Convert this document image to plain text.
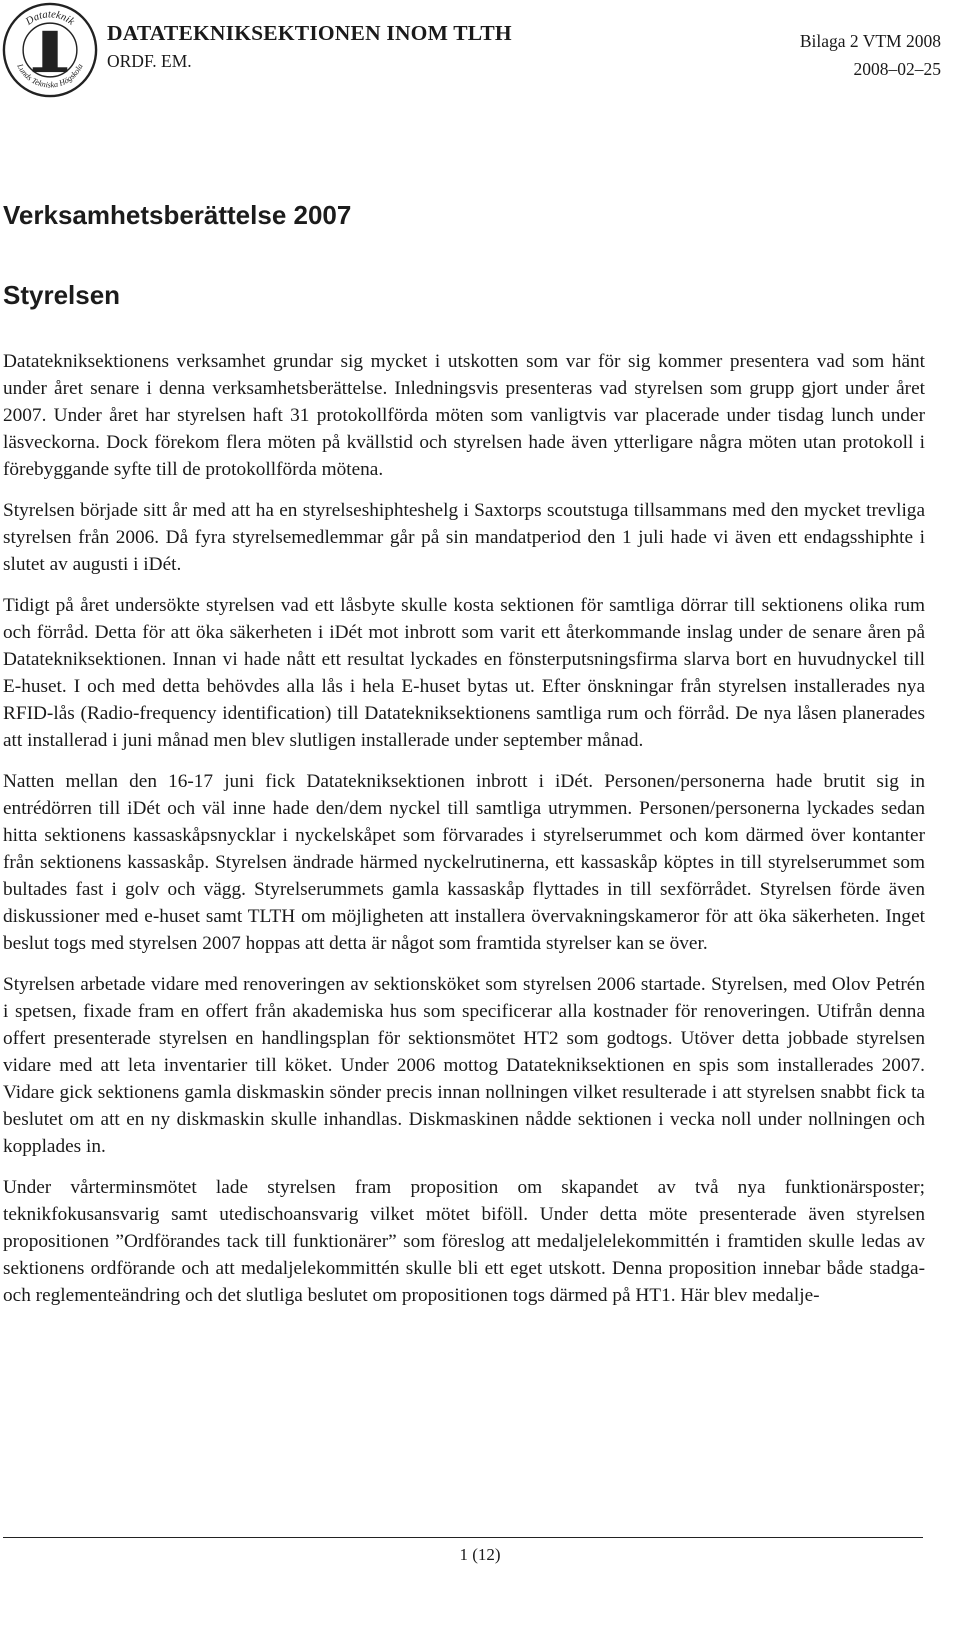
Datateknik
Lunds Tekniska Högskola
DATATEKNIKSEKTIONEN INOM TLTH
ORDF. EM.
Bilaga 2 VTM 2008
2008–02–25
Verksamhetsberättelse 2007
Styrelsen

Datatekniksektionens verksamhet grundar sig mycket i utskotten som var för sig kommer presentera vad som hänt under året senare i denna verksamhetsberättelse. Inledningsvis presenteras vad styrelsen som grupp gjort under året 2007. Under året har styrelsen haft 31 protokollförda möten som vanligtvis var placerade under tisdag lunch under läsveckorna. Dock förekom flera möten på kvällstid och styrelsen hade även ytterligare några möten utan protokoll i förebyggande syfte till de protokollförda mötena.

Styrelsen började sitt år med att ha en styrelseshiphteshelg i Saxtorps scoutstuga tillsammans med den mycket trevliga styrelsen från 2006. Då fyra styrelsemedlemmar går på sin mandatperiod den 1 juli hade vi även ett endagsshiphte i slutet av augusti i iDét.

Tidigt på året undersökte styrelsen vad ett låsbyte skulle kosta sektionen för samtliga dörrar till sektionens olika rum och förråd. Detta för att öka säkerheten i iDét mot inbrott som varit ett återkommande inslag under de senare åren på Datatekniksektionen. Innan vi hade nått ett resultat lyckades en fönsterputsningsfirma slarva bort en huvudnyckel till E-huset. I och med detta behövdes alla lås i hela E-huset bytas ut. Efter önskningar från styrelsen installerades nya RFID-lås (Radio-frequency identification) till Datatekniksektionens samtliga rum och förråd. De nya låsen planerades att installerad i juni månad men blev slutligen installerade under september månad.

Natten mellan den 16-17 juni fick Datatekniksektionen inbrott i iDét. Personen/personerna hade brutit sig in entrédörren till iDét och väl inne hade den/dem nyckel till samtliga utrymmen. Personen/personerna lyckades sedan hitta sektionens kassaskåpsnycklar i nyckelskåpet som förvarades i styrelserummet och kom därmed över kontanter från sektionens kassaskåp. Styrelsen ändrade härmed nyckelrutinerna, ett kassaskåp köptes in till styrelserummet som bultades fast i golv och vägg. Styrelserummets gamla kassaskåp flyttades in till sexförrådet. Styrelsen förde även diskussioner med e-huset samt TLTH om möjligheten att installera övervakningskameror för att öka säkerheten. Inget beslut togs med styrelsen 2007 hoppas att detta är något som framtida styrelser kan se över.

Styrelsen arbetade vidare med renoveringen av sektionsköket som styrelsen 2006 startade. Styrelsen, med Olov Petrén i spetsen, fixade fram en offert från akademiska hus som specificerar alla kostnader för renoveringen. Utifrån denna offert presenterade styrelsen en handlingsplan för sektionsmötet HT2 som godtogs. Utöver detta jobbade styrelsen vidare med att leta inventarier till köket. Under 2006 mottog Datatekniksektionen en spis som installerades 2007. Vidare gick sektionens gamla diskmaskin sönder precis innan nollningen vilket resulterade i att styrelsen snabbt fick ta beslutet om att en ny diskmaskin skulle inhandlas. Diskmaskinen nådde sektionen i vecka noll under nollningen och kopplades in.

Under vårterminsmötet lade styrelsen fram proposition om skapandet av två nya funktionärsposter; teknikfokusansvarig samt utedischoansvarig vilket mötet biföll. Under detta möte presenterade även styrelsen propositionen ”Ordförandes tack till funktionärer” som föreslog att medaljelelekommittén i framtiden skulle ledas av sektionens ordförande och att medaljelekommittén skulle bli ett eget utskott. Denna proposition innebar både stadga- och reglementeändring och det slutliga beslutet om propositionen togs därmed på HT1. Här blev medalje-

1 (12)
